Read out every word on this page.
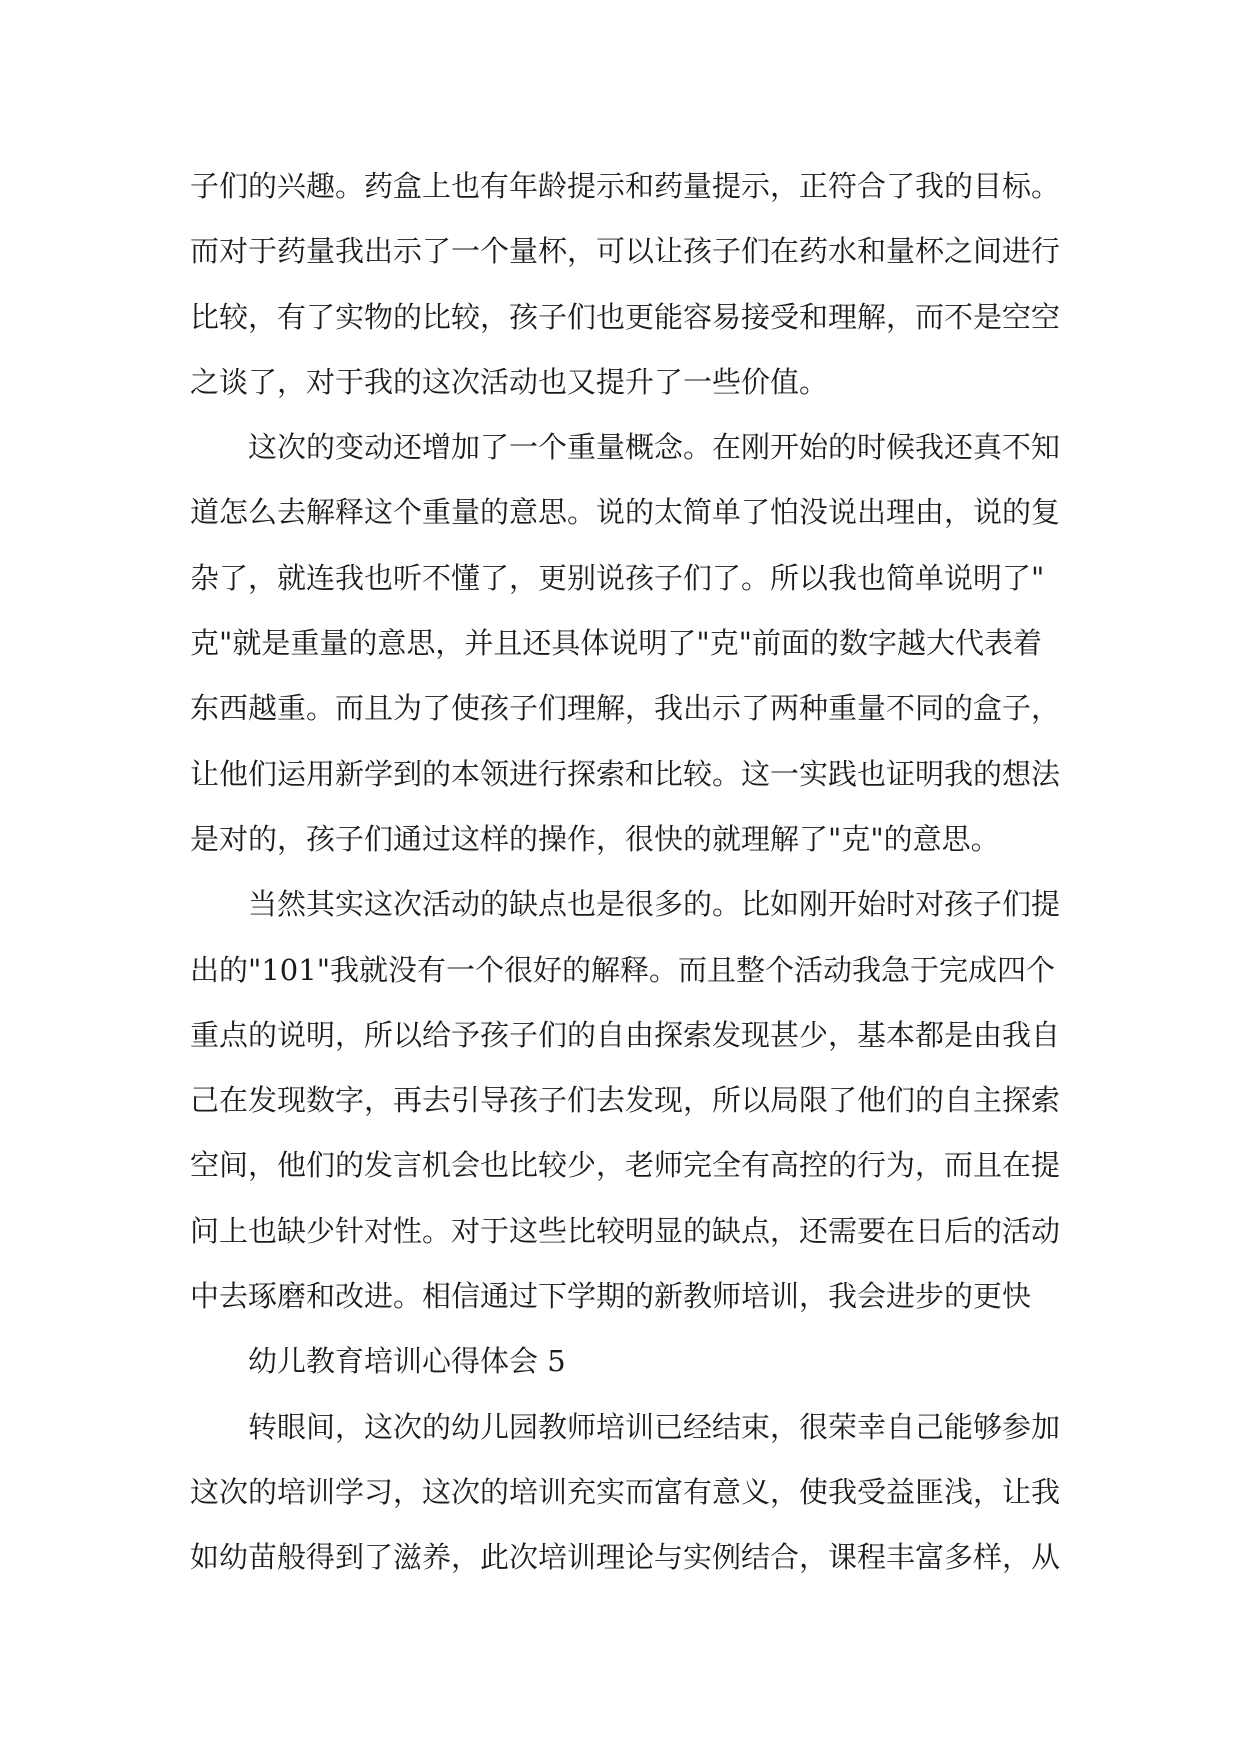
子们的兴趣。药盒上也有年龄提示和药量提示，正符合了我的目标。
而对于药量我出示了一个量杯，可以让孩子们在药水和量杯之间进行
比较，有了实物的比较，孩子们也更能容易接受和理解，而不是空空
之谈了，对于我的这次活动也又提升了一些价值。
这次的变动还增加了一个重量概念。在刚开始的时候我还真不知
道怎么去解释这个重量的意思。说的太简单了怕没说出理由，说的复
杂了，就连我也听不懂了，更别说孩子们了。所以我也简单说明了"
克"就是重量的意思，并且还具体说明了"克"前面的数字越大代表着
东西越重。而且为了使孩子们理解，我出示了两种重量不同的盒子，
让他们运用新学到的本领进行探索和比较。这一实践也证明我的想法
是对的，孩子们通过这样的操作，很快的就理解了"克"的意思。
当然其实这次活动的缺点也是很多的。比如刚开始时对孩子们提
出的"101"我就没有一个很好的解释。而且整个活动我急于完成四个
重点的说明，所以给予孩子们的自由探索发现甚少，基本都是由我自
己在发现数字，再去引导孩子们去发现，所以局限了他们的自主探索
空间，他们的发言机会也比较少，老师完全有高控的行为，而且在提
问上也缺少针对性。对于这些比较明显的缺点，还需要在日后的活动
中去琢磨和改进。相信通过下学期的新教师培训，我会进步的更快
幼儿教育培训心得体会 5
转眼间，这次的幼儿园教师培训已经结束，很荣幸自己能够参加
这次的培训学习，这次的培训充实而富有意义，使我受益匪浅，让我
如幼苗般得到了滋养，此次培训理论与实例结合，课程丰富多样，从
